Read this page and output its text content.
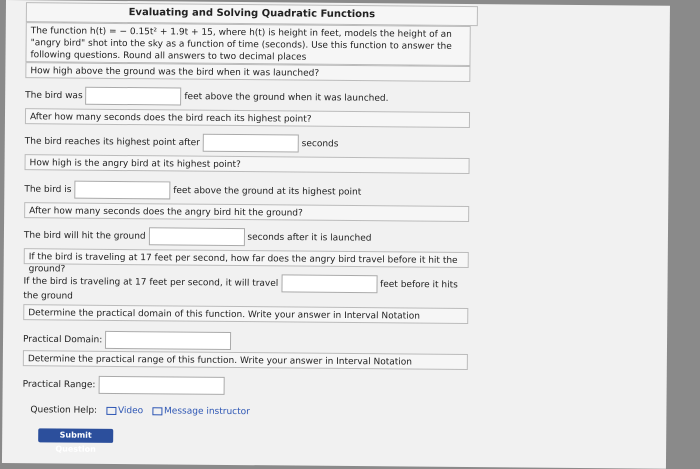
Evaluating and Solving Quadratic Functions
The function h(t) = − 0.15t² + 1.9t + 15, where h(t) is height in feet, models the height of an "angry bird" shot into the sky as a function of time (seconds). Use this function to answer the following questions. Round all answers to two decimal places
How high above the ground was the bird when it was launched?
The bird was	feet above the ground when it was launched.
After how many seconds does the bird reach its highest point?
The bird reaches its highest point after	seconds
How high is the angry bird at its highest point?
The bird is	feet above the ground at its highest point
After how many seconds does the angry bird hit the ground?
The bird will hit the ground	seconds after it is launched
If the bird is traveling at 17 feet per second, how far does the angry bird travel before it hit the ground?
If the bird is traveling at 17 feet per second, it will travel	feet before it hits the ground
Determine the practical domain of this function. Write your answer in Interval Notation
Practical Domain:
Determine the practical range of this function. Write your answer in Interval Notation
Practical Range:
Question Help: Video Message instructor
Submit Question
